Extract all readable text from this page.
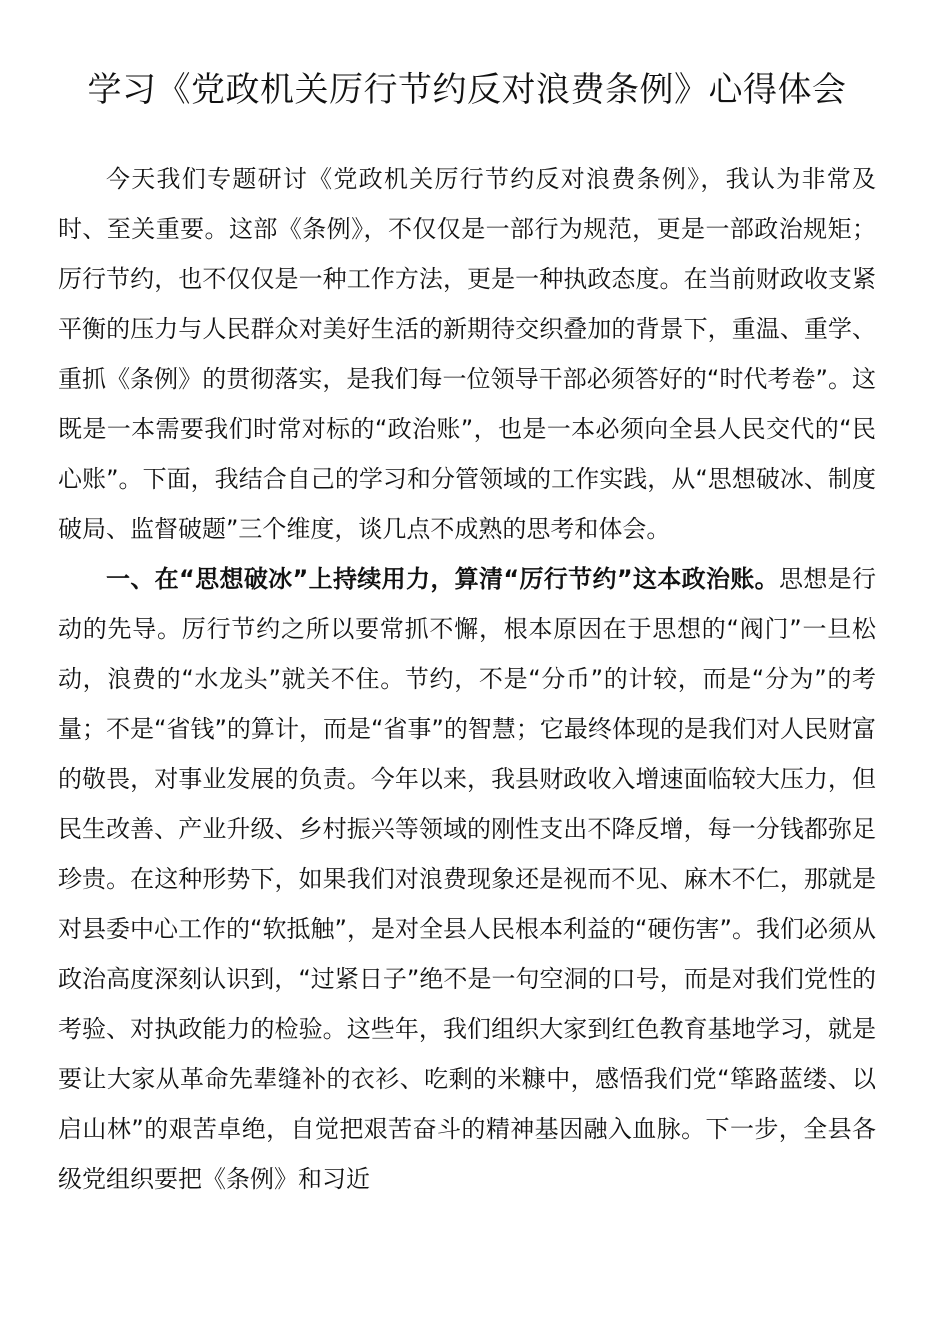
学习《党政机关厉行节约反对浪费条例》心得体会

今天我们专题研讨《党政机关厉行节约反对浪费条例》，我认为非常及时、至关重要。这部《条例》，不仅仅是一部行为规范，更是一部政治规矩；厉行节约，也不仅仅是一种工作方法，更是一种执政态度。在当前财政收支紧平衡的压力与人民群众对美好生活的新期待交织叠加的背景下，重温、重学、重抓《条例》的贯彻落实，是我们每一位领导干部必须答好的“时代考卷”。这既是一本需要我们时常对标的“政治账”，也是一本必须向全县人民交代的“民心账”。下面，我结合自己的学习和分管领域的工作实践，从“思想破冰、制度破局、监督破题”三个维度，谈几点不成熟的思考和体会。

一、在“思想破冰”上持续用力，算清“厉行节约”这本政治账。思想是行动的先导。厉行节约之所以要常抓不懈，根本原因在于思想的“阀门”一旦松动，浪费的“水龙头”就关不住。节约，不是“分币”的计较，而是“分为”的考量；不是“省钱”的算计，而是“省事”的智慧；它最终体现的是我们对人民财富的敬畏，对事业发展的负责。今年以来，我县财政收入增速面临较大压力，但民生改善、产业升级、乡村振兴等领域的刚性支出不降反增，每一分钱都弥足珍贵。在这种形势下，如果我们对浪费现象还是视而不见、麻木不仁，那就是对县委中心工作的“软抵触”，是对全县人民根本利益的“硬伤害”。我们必须从政治高度深刻认识到，“过紧日子”绝不是一句空洞的口号，而是对我们党性的考验、对执政能力的检验。这些年，我们组织大家到红色教育基地学习，就是要让大家从革命先辈缝补的衣衫、吃剩的米糠中，感悟我们党“筚路蓝缕、以启山林”的艰苦卓绝，自觉把艰苦奋斗的精神基因融入血脉。下一步，全县各级党组织要把《条例》和习近
